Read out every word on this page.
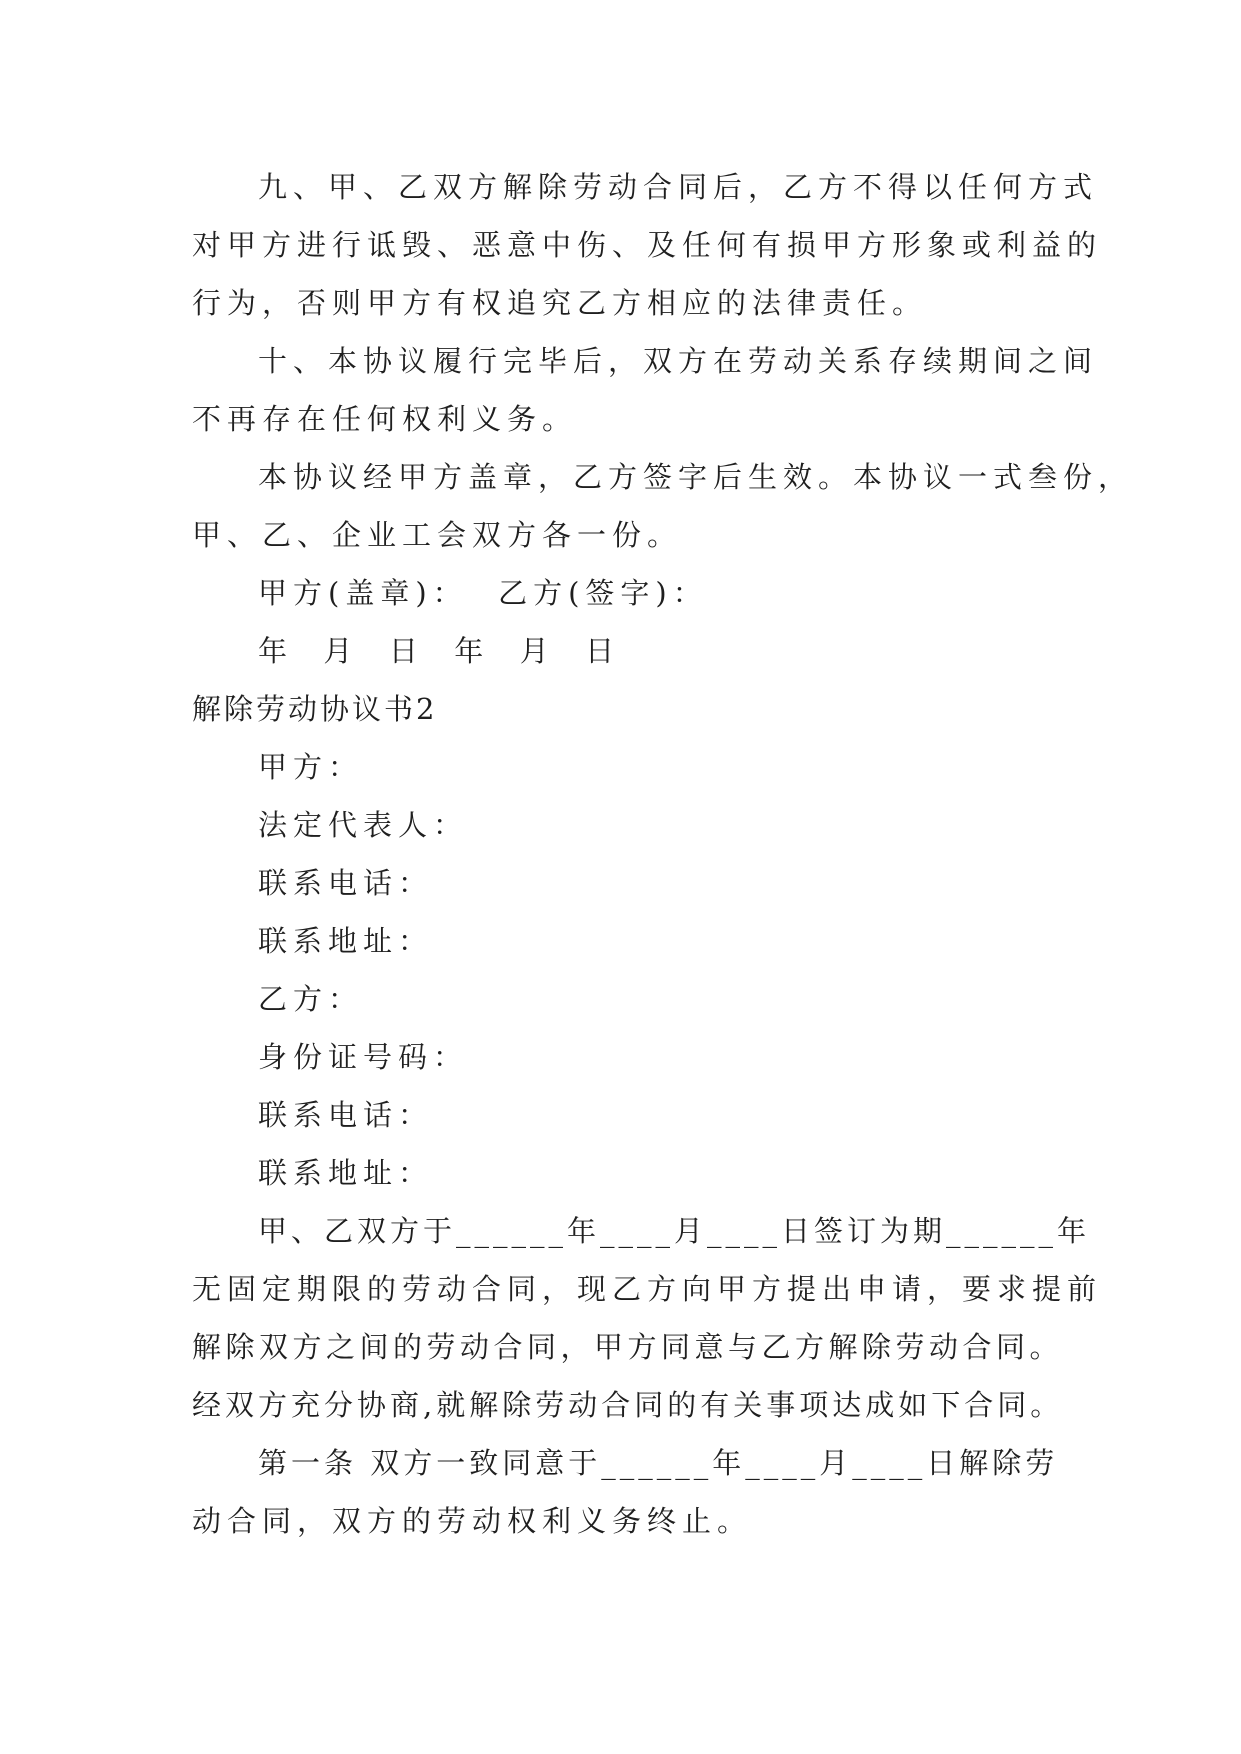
九、甲、乙双方解除劳动合同后，乙方不得以任何方式

对甲方进行诋毁、恶意中伤、及任何有损甲方形象或利益的

行为，否则甲方有权追究乙方相应的法律责任。

十、本协议履行完毕后，双方在劳动关系存续期间之间

不再存在任何权利义务。

本协议经甲方盖章，乙方签字后生效。本协议一式叁份，

甲、乙、企业工会双方各一份。

甲方(盖章)：  乙方(签字)：

年  月  日  年  月  日

解除劳动协议书2

甲方：

法定代表人：

联系电话：

联系地址：

乙方：

身份证号码：

联系电话：

联系地址：

甲、乙双方于______年____月____日签订为期______年

无固定期限的劳动合同，现乙方向甲方提出申请，要求提前

解除双方之间的劳动合同，甲方同意与乙方解除劳动合同。

经双方充分协商,就解除劳动合同的有关事项达成如下合同。

第一条 双方一致同意于______年____月____日解除劳

动合同，双方的劳动权利义务终止。
